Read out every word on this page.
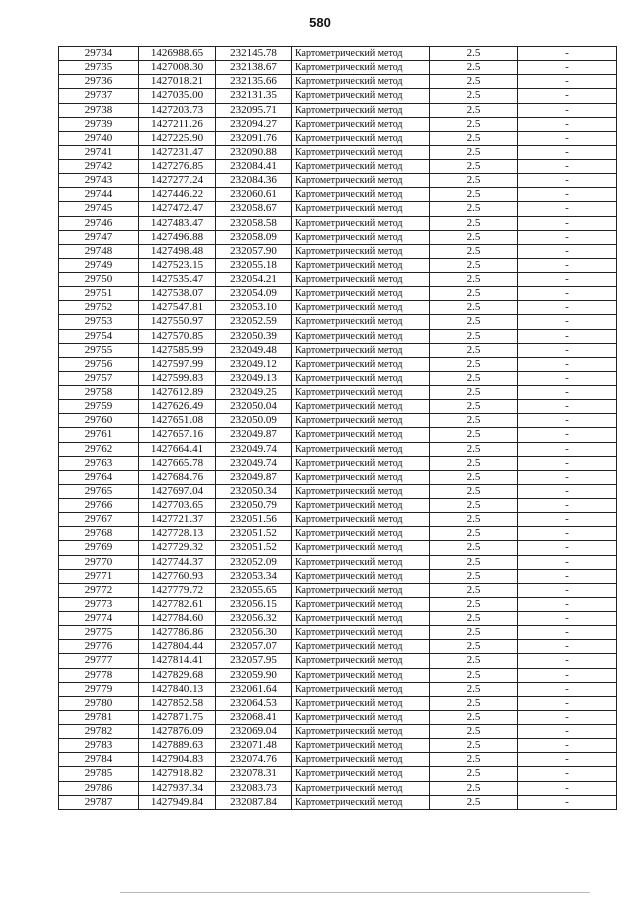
580
29734	1426988.65	232145.78	Картометрический метод	2.5	-
29735	1427008.30	232138.67	Картометрический метод	2.5	-
29736	1427018.21	232135.66	Картометрический метод	2.5	-
29737	1427035.00	232131.35	Картометрический метод	2.5	-
29738	1427203.73	232095.71	Картометрический метод	2.5	-
29739	1427211.26	232094.27	Картометрический метод	2.5	-
29740	1427225.90	232091.76	Картометрический метод	2.5	-
29741	1427231.47	232090.88	Картометрический метод	2.5	-
29742	1427276.85	232084.41	Картометрический метод	2.5	-
29743	1427277.24	232084.36	Картометрический метод	2.5	-
29744	1427446.22	232060.61	Картометрический метод	2.5	-
29745	1427472.47	232058.67	Картометрический метод	2.5	-
29746	1427483.47	232058.58	Картометрический метод	2.5	-
29747	1427496.88	232058.09	Картометрический метод	2.5	-
29748	1427498.48	232057.90	Картометрический метод	2.5	-
29749	1427523.15	232055.18	Картометрический метод	2.5	-
29750	1427535.47	232054.21	Картометрический метод	2.5	-
29751	1427538.07	232054.09	Картометрический метод	2.5	-
29752	1427547.81	232053.10	Картометрический метод	2.5	-
29753	1427550.97	232052.59	Картометрический метод	2.5	-
29754	1427570.85	232050.39	Картометрический метод	2.5	-
29755	1427585.99	232049.48	Картометрический метод	2.5	-
29756	1427597.99	232049.12	Картометрический метод	2.5	-
29757	1427599.83	232049.13	Картометрический метод	2.5	-
29758	1427612.89	232049.25	Картометрический метод	2.5	-
29759	1427626.49	232050.04	Картометрический метод	2.5	-
29760	1427651.08	232050.09	Картометрический метод	2.5	-
29761	1427657.16	232049.87	Картометрический метод	2.5	-
29762	1427664.41	232049.74	Картометрический метод	2.5	-
29763	1427665.78	232049.74	Картометрический метод	2.5	-
29764	1427684.76	232049.87	Картометрический метод	2.5	-
29765	1427697.04	232050.34	Картометрический метод	2.5	-
29766	1427703.65	232050.79	Картометрический метод	2.5	-
29767	1427721.37	232051.56	Картометрический метод	2.5	-
29768	1427728.13	232051.52	Картометрический метод	2.5	-
29769	1427729.32	232051.52	Картометрический метод	2.5	-
29770	1427744.37	232052.09	Картометрический метод	2.5	-
29771	1427760.93	232053.34	Картометрический метод	2.5	-
29772	1427779.72	232055.65	Картометрический метод	2.5	-
29773	1427782.61	232056.15	Картометрический метод	2.5	-
29774	1427784.60	232056.32	Картометрический метод	2.5	-
29775	1427786.86	232056.30	Картометрический метод	2.5	-
29776	1427804.44	232057.07	Картометрический метод	2.5	-
29777	1427814.41	232057.95	Картометрический метод	2.5	-
29778	1427829.68	232059.90	Картометрический метод	2.5	-
29779	1427840.13	232061.64	Картометрический метод	2.5	-
29780	1427852.58	232064.53	Картометрический метод	2.5	-
29781	1427871.75	232068.41	Картометрический метод	2.5	-
29782	1427876.09	232069.04	Картометрический метод	2.5	-
29783	1427889.63	232071.48	Картометрический метод	2.5	-
29784	1427904.83	232074.76	Картометрический метод	2.5	-
29785	1427918.82	232078.31	Картометрический метод	2.5	-
29786	1427937.34	232083.73	Картометрический метод	2.5	-
29787	1427949.84	232087.84	Картометрический метод	2.5	-
